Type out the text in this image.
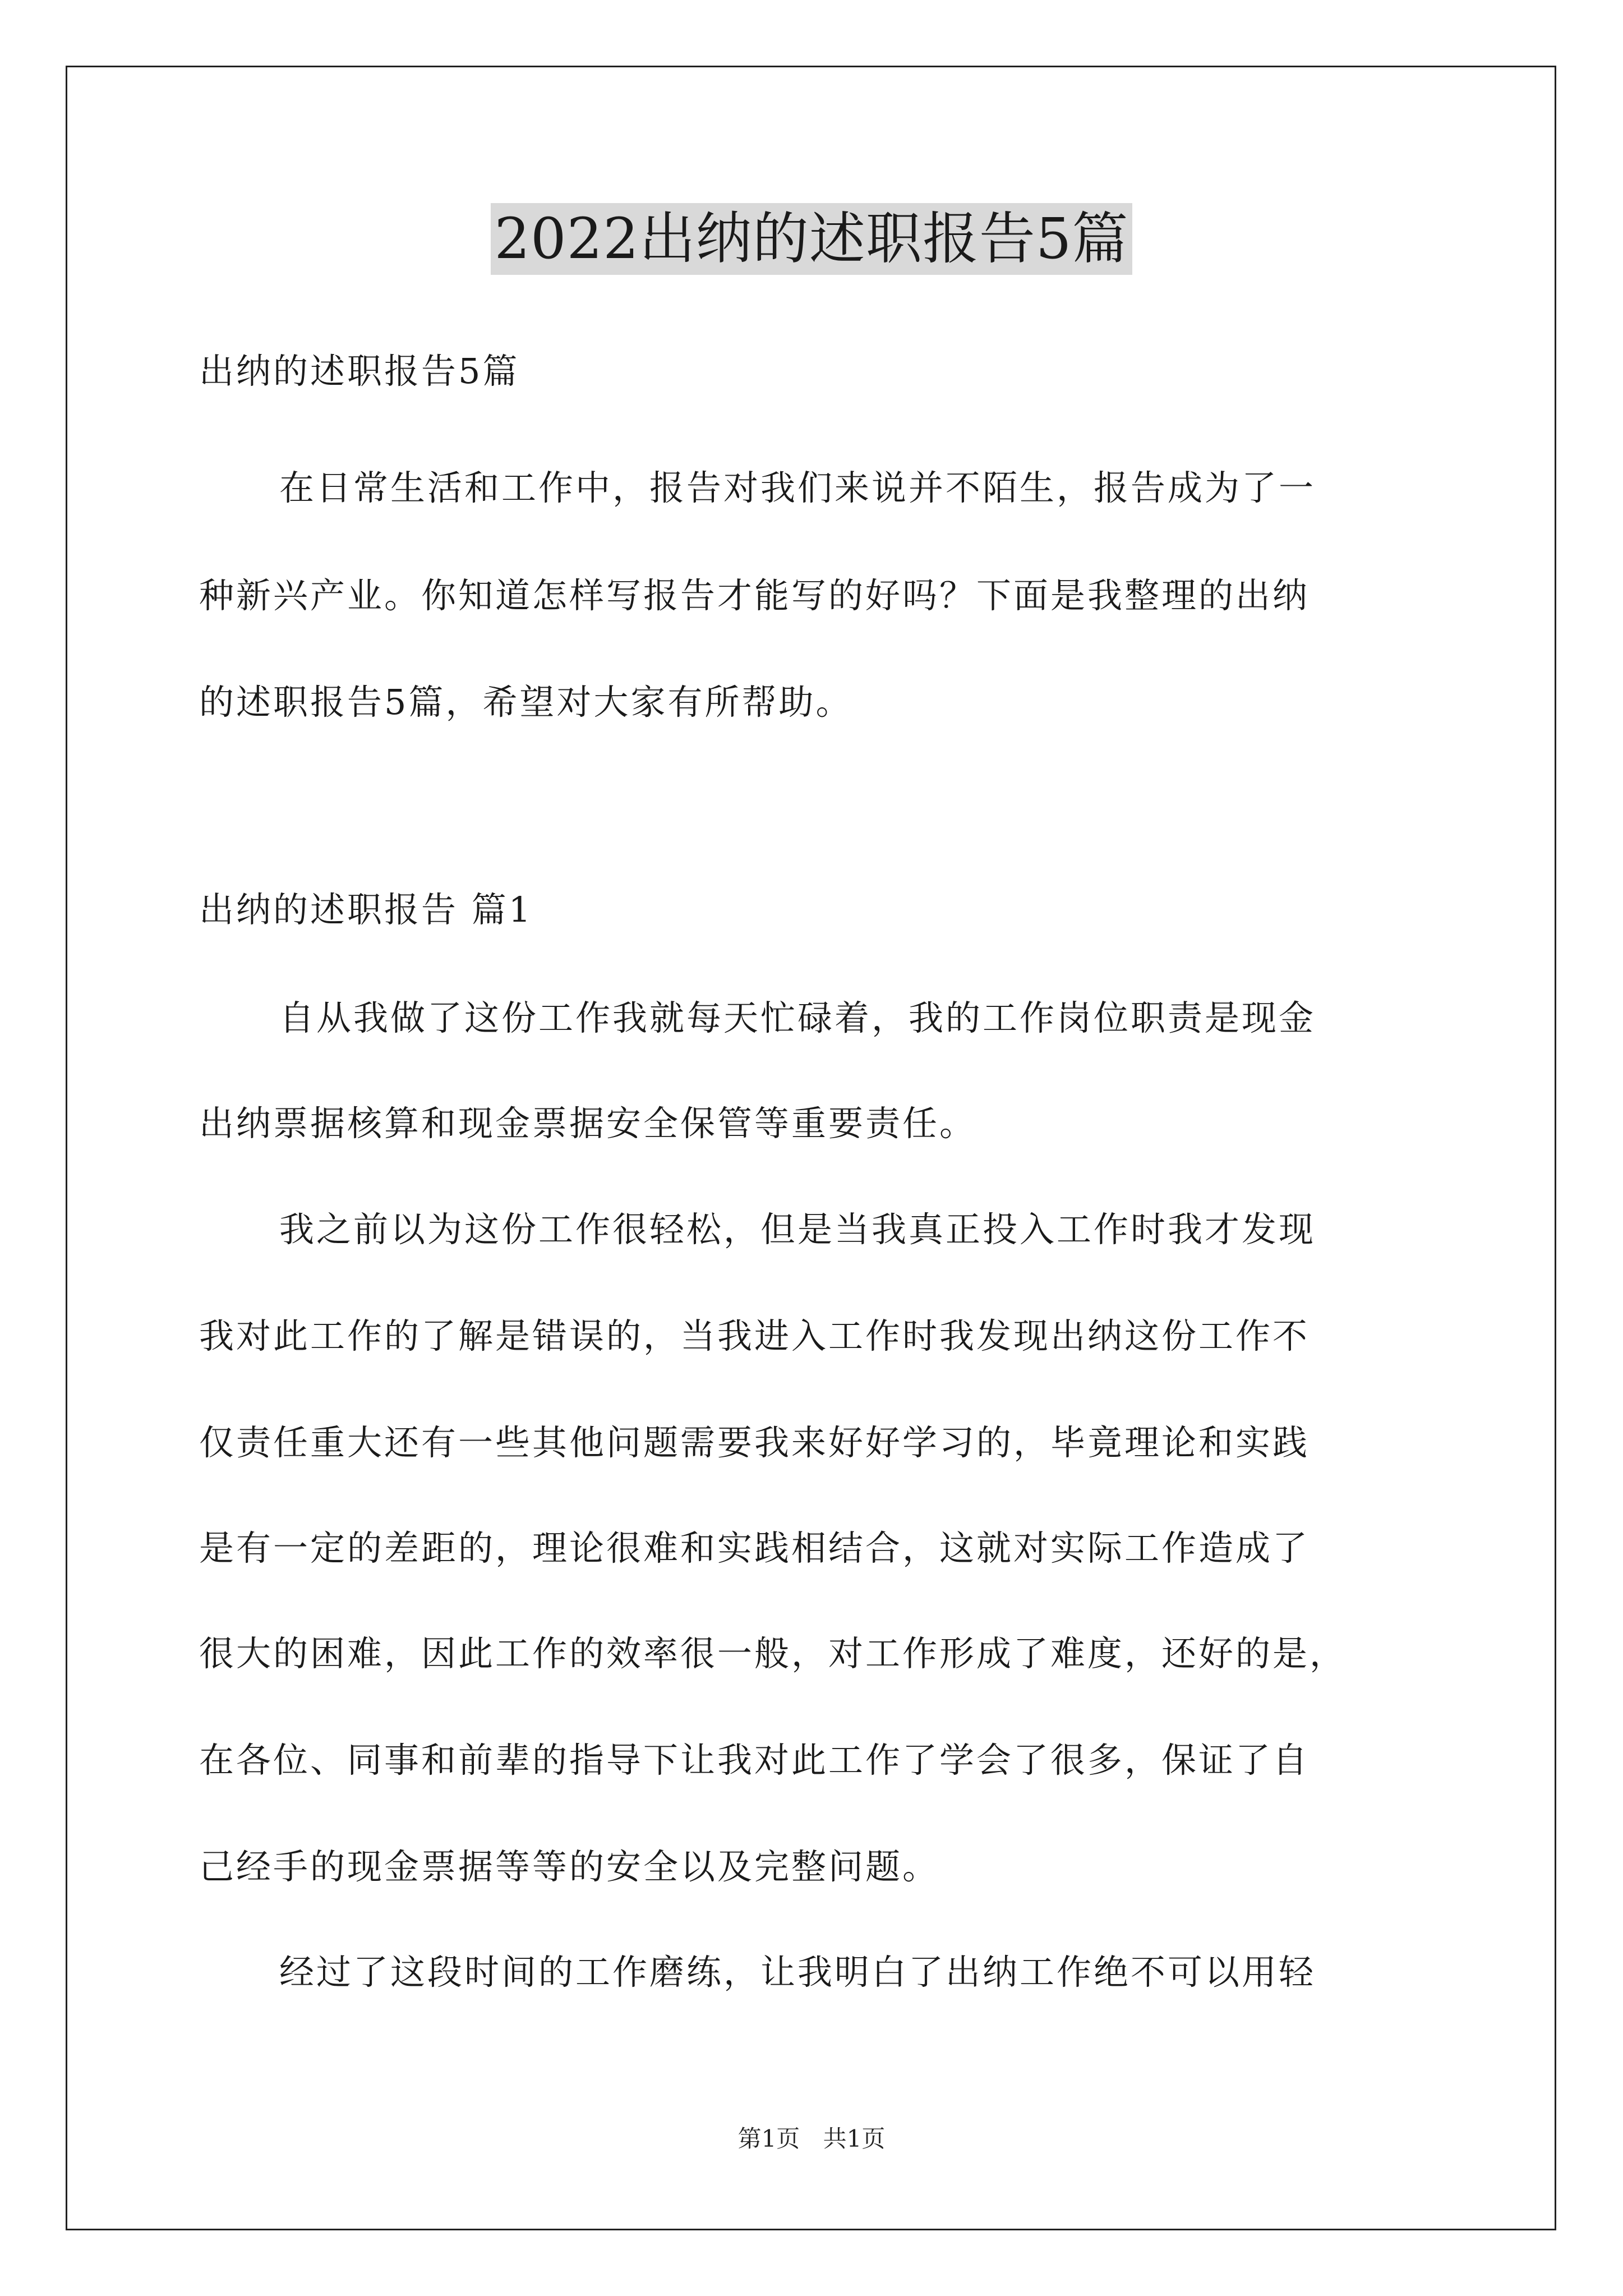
2022出纳的述职报告5篇
出纳的述职报告5篇
在日常生活和工作中，报告对我们来说并不陌生，报告成为了一
种新兴产业。你知道怎样写报告才能写的好吗？下面是我整理的出纳
的述职报告5篇，希望对大家有所帮助。
出纳的述职报告 篇1
自从我做了这份工作我就每天忙碌着，我的工作岗位职责是现金
出纳票据核算和现金票据安全保管等重要责任。
我之前以为这份工作很轻松，但是当我真正投入工作时我才发现
我对此工作的了解是错误的，当我进入工作时我发现出纳这份工作不
仅责任重大还有一些其他问题需要我来好好学习的，毕竟理论和实践
是有一定的差距的，理论很难和实践相结合，这就对实际工作造成了
很大的困难，因此工作的效率很一般，对工作形成了难度，还好的是，
在各位、同事和前辈的指导下让我对此工作了学会了很多，保证了自
己经手的现金票据等等的安全以及完整问题。
经过了这段时间的工作磨练，让我明白了出纳工作绝不可以用轻
第1页 共1页
